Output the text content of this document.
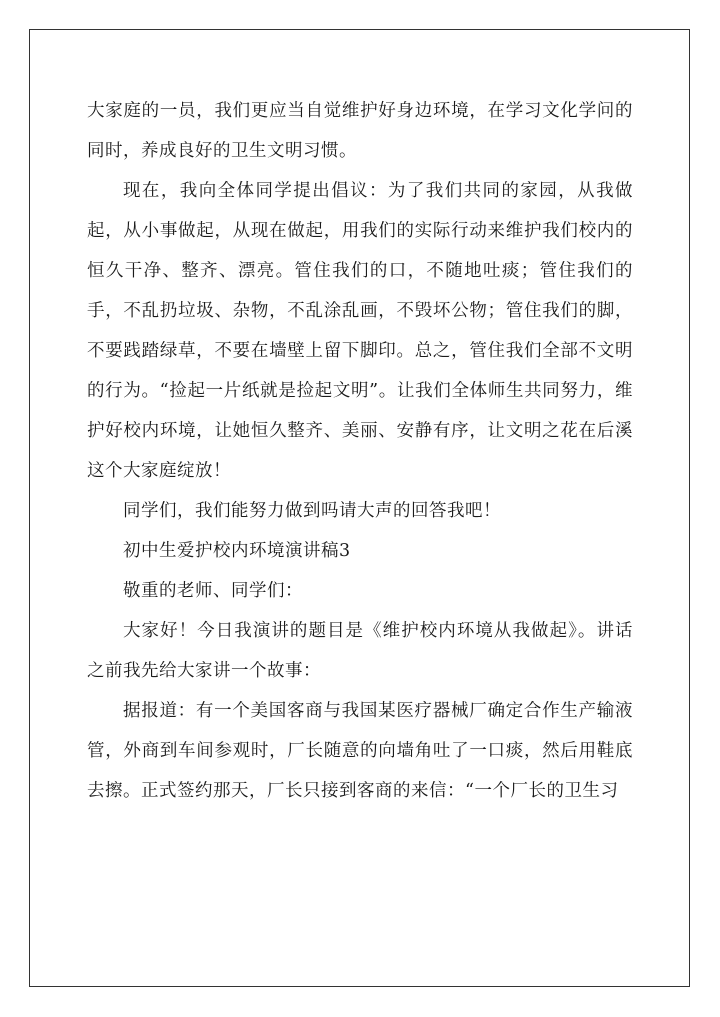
大家庭的一员，我们更应当自觉维护好身边环境，在学习文化学问的同时，养成良好的卫生文明习惯。

现在，我向全体同学提出倡议：为了我们共同的家园，从我做起，从小事做起，从现在做起，用我们的实际行动来维护我们校内的恒久干净、整齐、漂亮。管住我们的口，不随地吐痰；管住我们的手，不乱扔垃圾、杂物，不乱涂乱画，不毁坏公物；管住我们的脚，不要践踏绿草，不要在墙壁上留下脚印。总之，管住我们全部不文明的行为。“捡起一片纸就是捡起文明”。让我们全体师生共同努力，维护好校内环境，让她恒久整齐、美丽、安静有序，让文明之花在后溪这个大家庭绽放！

同学们，我们能努力做到吗请大声的回答我吧！

初中生爱护校内环境演讲稿3

敬重的老师、同学们：

大家好！今日我演讲的题目是《维护校内环境从我做起》。讲话之前我先给大家讲一个故事：

据报道：有一个美国客商与我国某医疗器械厂确定合作生产输液管，外商到车间参观时，厂长随意的向墙角吐了一口痰，然后用鞋底去擦。正式签约那天，厂长只接到客商的来信：“一个厂长的卫生习
